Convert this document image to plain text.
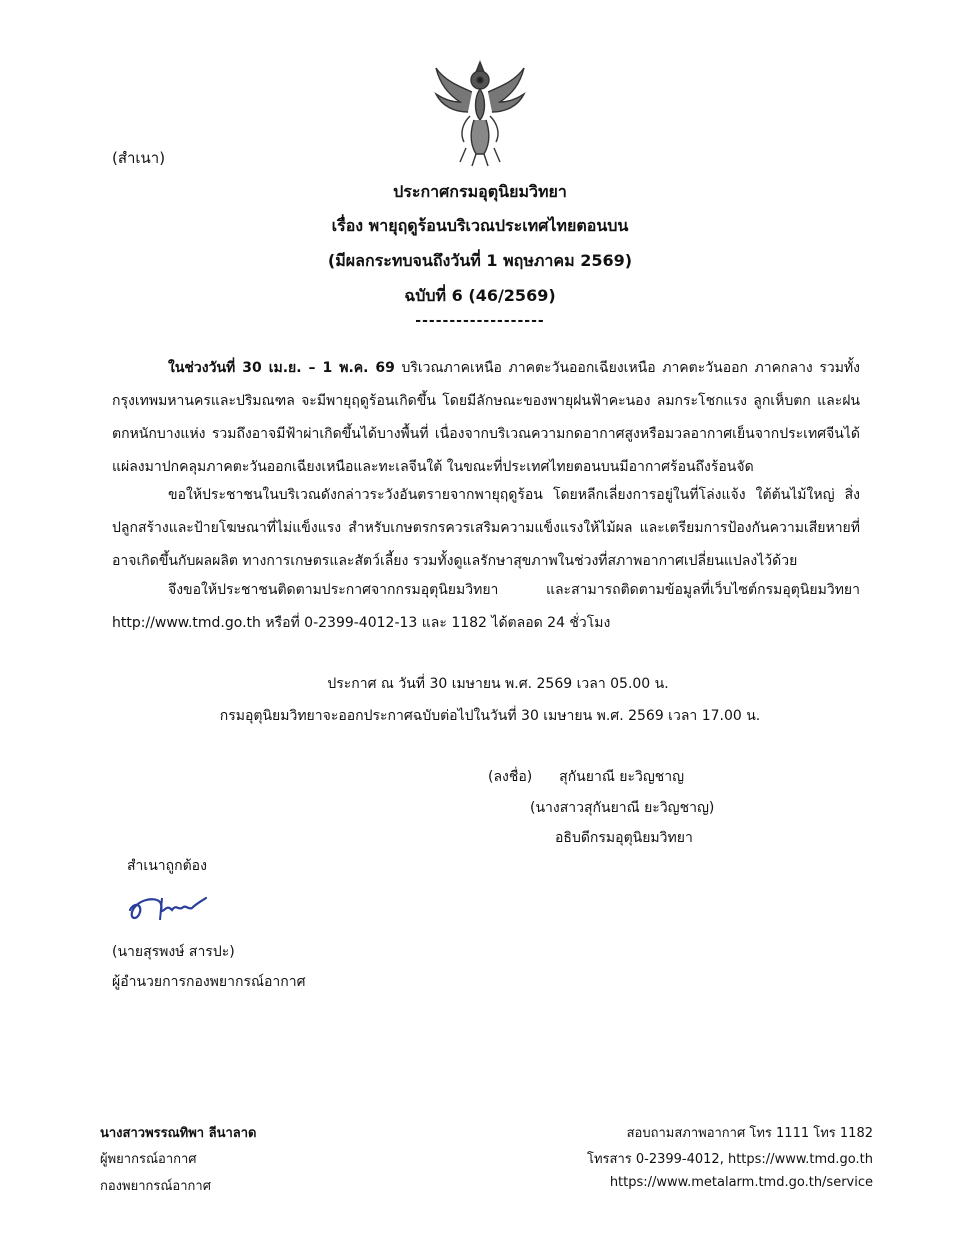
(สำเนา)
ประกาศกรมอุตุนิยมวิทยา
เรื่อง พายุฤดูร้อนบริเวณประเทศไทยตอนบน
(มีผลกระทบจนถึงวันที่ 1 พฤษภาคม 2569)
ฉบับที่ 6 (46/2569)
-------------------
ในช่วงวันที่ 30 เม.ย. – 1 พ.ค. 69 บริเวณภาคเหนือ ภาคตะวันออกเฉียงเหนือ ภาคตะวันออก ภาคกลาง รวมทั้งกรุงเทพมหานครและปริมณฑล จะมีพายุฤดูร้อนเกิดขึ้น โดยมีลักษณะของพายุฝนฟ้าคะนอง ลมกระโชกแรง ลูกเห็บตก และฝนตกหนักบางแห่ง รวมถึงอาจมีฟ้าผ่าเกิดขึ้นได้บางพื้นที่ เนื่องจากบริเวณความกดอากาศสูงหรือมวลอากาศเย็นจากประเทศจีนได้แผ่ลงมาปกคลุมภาคตะวันออกเฉียงเหนือและทะเลจีนใต้ ในขณะที่ประเทศไทยตอนบนมีอากาศร้อนถึงร้อนจัด
ขอให้ประชาชนในบริเวณดังกล่าวระวังอันตรายจากพายุฤดูร้อน โดยหลีกเลี่ยงการอยู่ในที่โล่งแจ้ง ใต้ต้นไม้ใหญ่ สิ่งปลูกสร้างและป้ายโฆษณาที่ไม่แข็งแรง สำหรับเกษตรกรควรเสริมความแข็งแรงให้ไม้ผล และเตรียมการป้องกันความเสียหายที่อาจเกิดขึ้นกับผลผลิต ทางการเกษตรและสัตว์เลี้ยง รวมทั้งดูแลรักษาสุขภาพในช่วงที่สภาพอากาศเปลี่ยนแปลงไว้ด้วย
จึงขอให้ประชาชนติดตามประกาศจากกรมอุตุนิยมวิทยา และสามารถติดตามข้อมูลที่เว็บไซต์กรมอุตุนิยมวิทยา http://www.tmd.go.th หรือที่ 0-2399-4012-13 และ 1182 ได้ตลอด 24 ชั่วโมง
ประกาศ ณ วันที่ 30 เมษายน พ.ศ. 2569 เวลา 05.00 น.
กรมอุตุนิยมวิทยาจะออกประกาศฉบับต่อไปในวันที่ 30 เมษายน พ.ศ. 2569 เวลา 17.00 น.
(ลงชื่อ) สุกันยาณี ยะวิญชาญ
(นางสาวสุกันยาณี ยะวิญชาญ)
อธิบดีกรมอุตุนิยมวิทยา
สำเนาถูกต้อง
(นายสุรพงษ์ สารปะ)
ผู้อำนวยการกองพยากรณ์อากาศ
นางสาวพรรณทิพา ลีนาลาด
ผู้พยากรณ์อากาศ
กองพยากรณ์อากาศ
สอบถามสภาพอากาศ โทร 1111 โทร 1182
โทรสาร 0-2399-4012, https://www.tmd.go.th
https://www.metalarm.tmd.go.th/service
